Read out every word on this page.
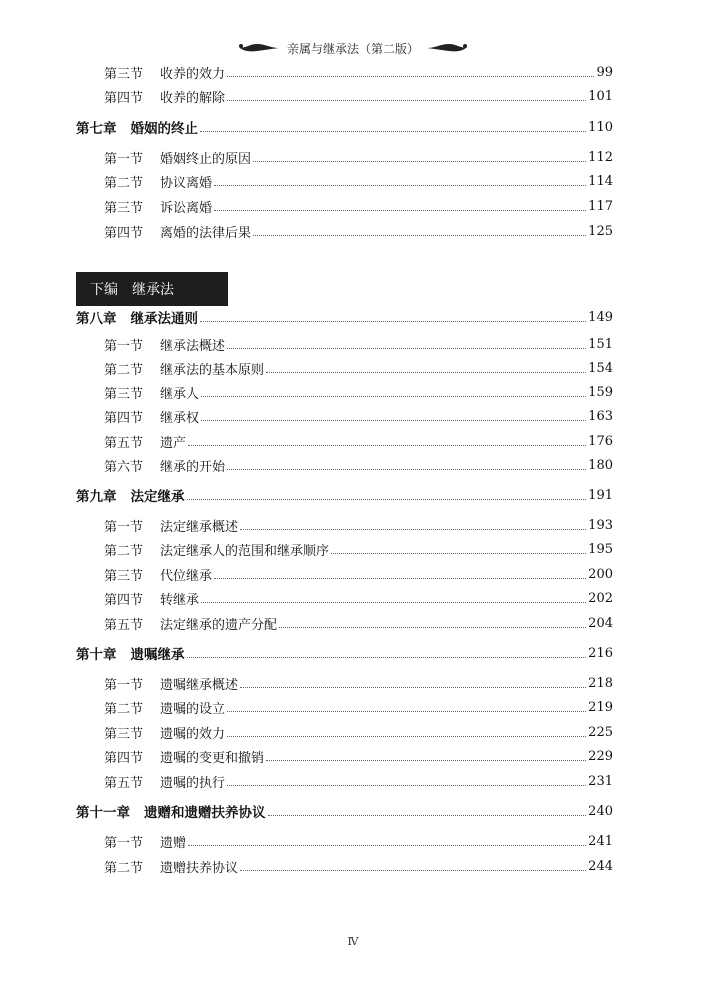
亲属与继承法（第二版）
下编 继承法
第三节 收养的效力	99
第四节 收养的解除	101
第七章 婚姻的终止	110
第一节 婚姻终止的原因	112
第二节 协议离婚	114
第三节 诉讼离婚	117
第四节 离婚的法律后果	125
第八章 继承法通则	149
第一节 继承法概述	151
第二节 继承法的基本原则	154
第三节 继承人	159
第四节 继承权	163
第五节 遗产	176
第六节 继承的开始	180
第九章 法定继承	191
第一节 法定继承概述	193
第二节 法定继承人的范围和继承顺序	195
第三节 代位继承	200
第四节 转继承	202
第五节 法定继承的遗产分配	204
第十章 遗嘱继承	216
第一节 遗嘱继承概述	218
第二节 遗嘱的设立	219
第三节 遗嘱的效力	225
第四节 遗嘱的变更和撤销	229
第五节 遗嘱的执行	231
第十一章 遗赠和遗赠扶养协议	240
第一节 遗赠	241
第二节 遗赠扶养协议	244
Ⅳ
